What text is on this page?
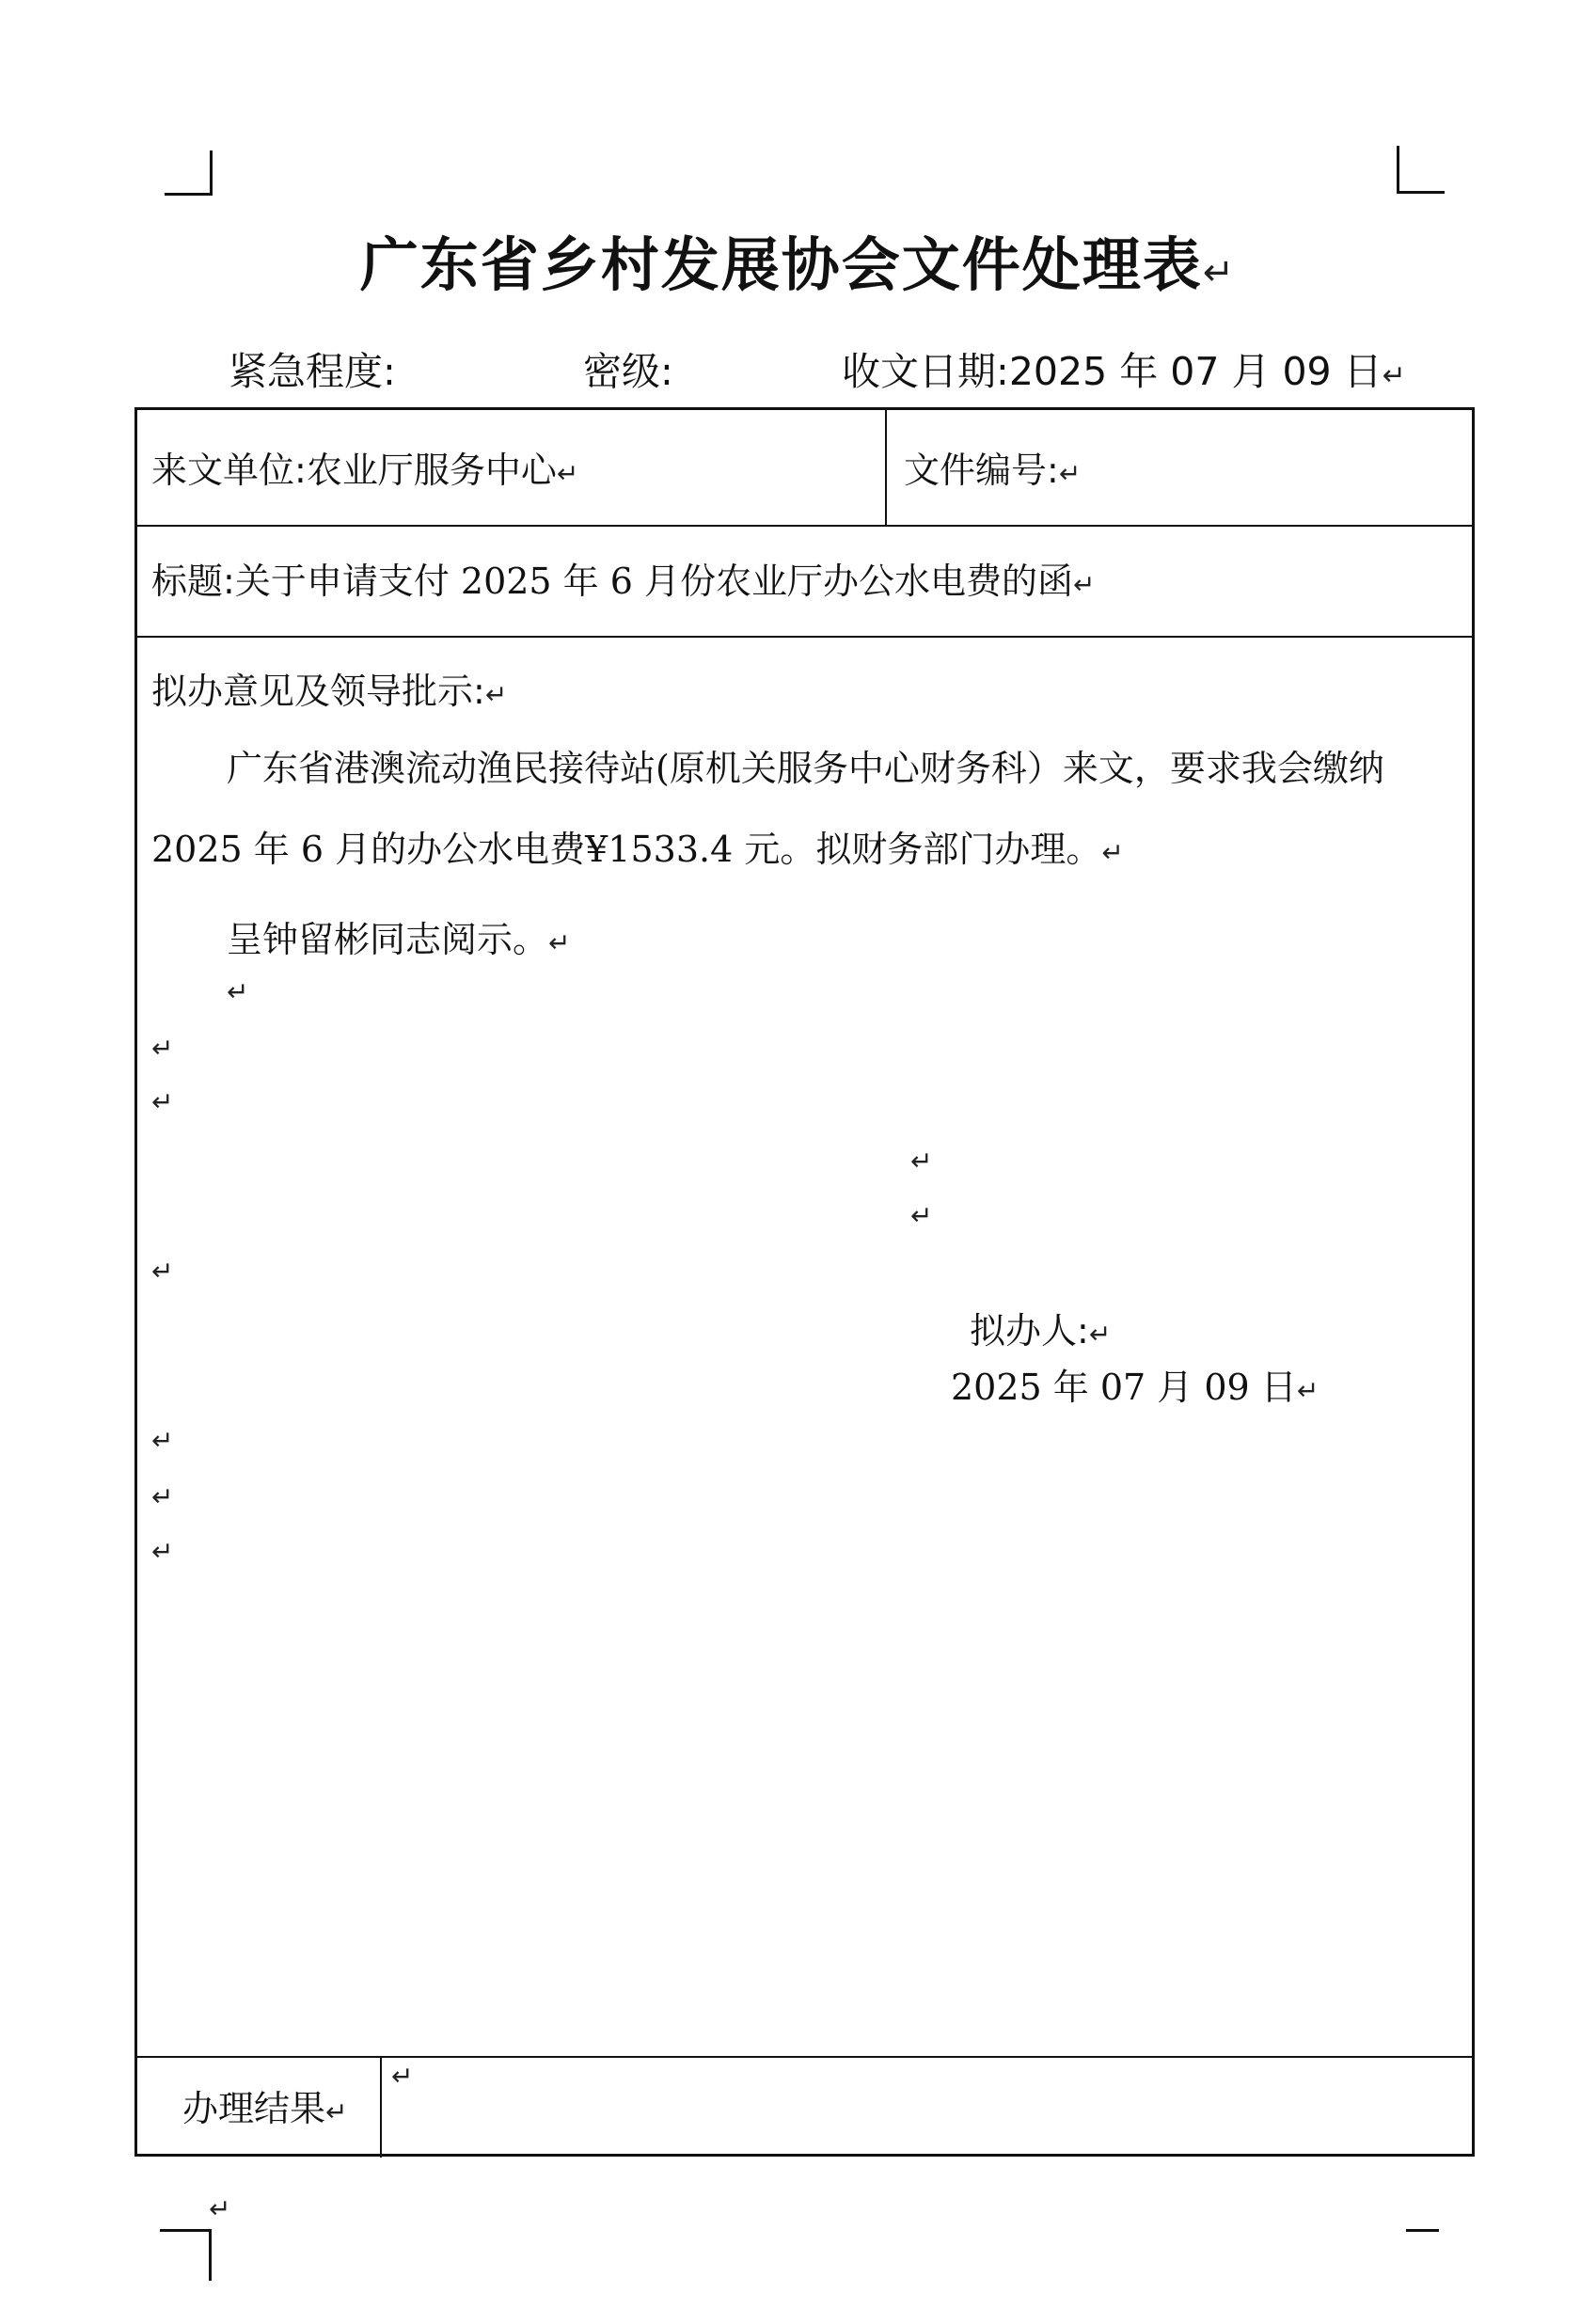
↵
广东省乡村发展协会文件处理表↵
紧急程度:	密级:	收文日期:2025 年 07 月 09 日↵
来文单位:农业厅服务中心↵	文件编号:↵
标题:关于申请支付 2025 年 6 月份农业厅办公水电费的函↵
拟办意见及领导批示:↵
广东省港澳流动渔民接待站(原机关服务中心财务科）来文，要求我会缴纳
2025 年 6 月的办公水电费¥1533.4 元。拟财务部门办理。↵
呈钟留彬同志阅示。↵
↵
↵
↵
↵
↵
↵
拟办人:↵
2025 年 07 月 09 日↵
↵
↵
↵
办理结果↵
↵
